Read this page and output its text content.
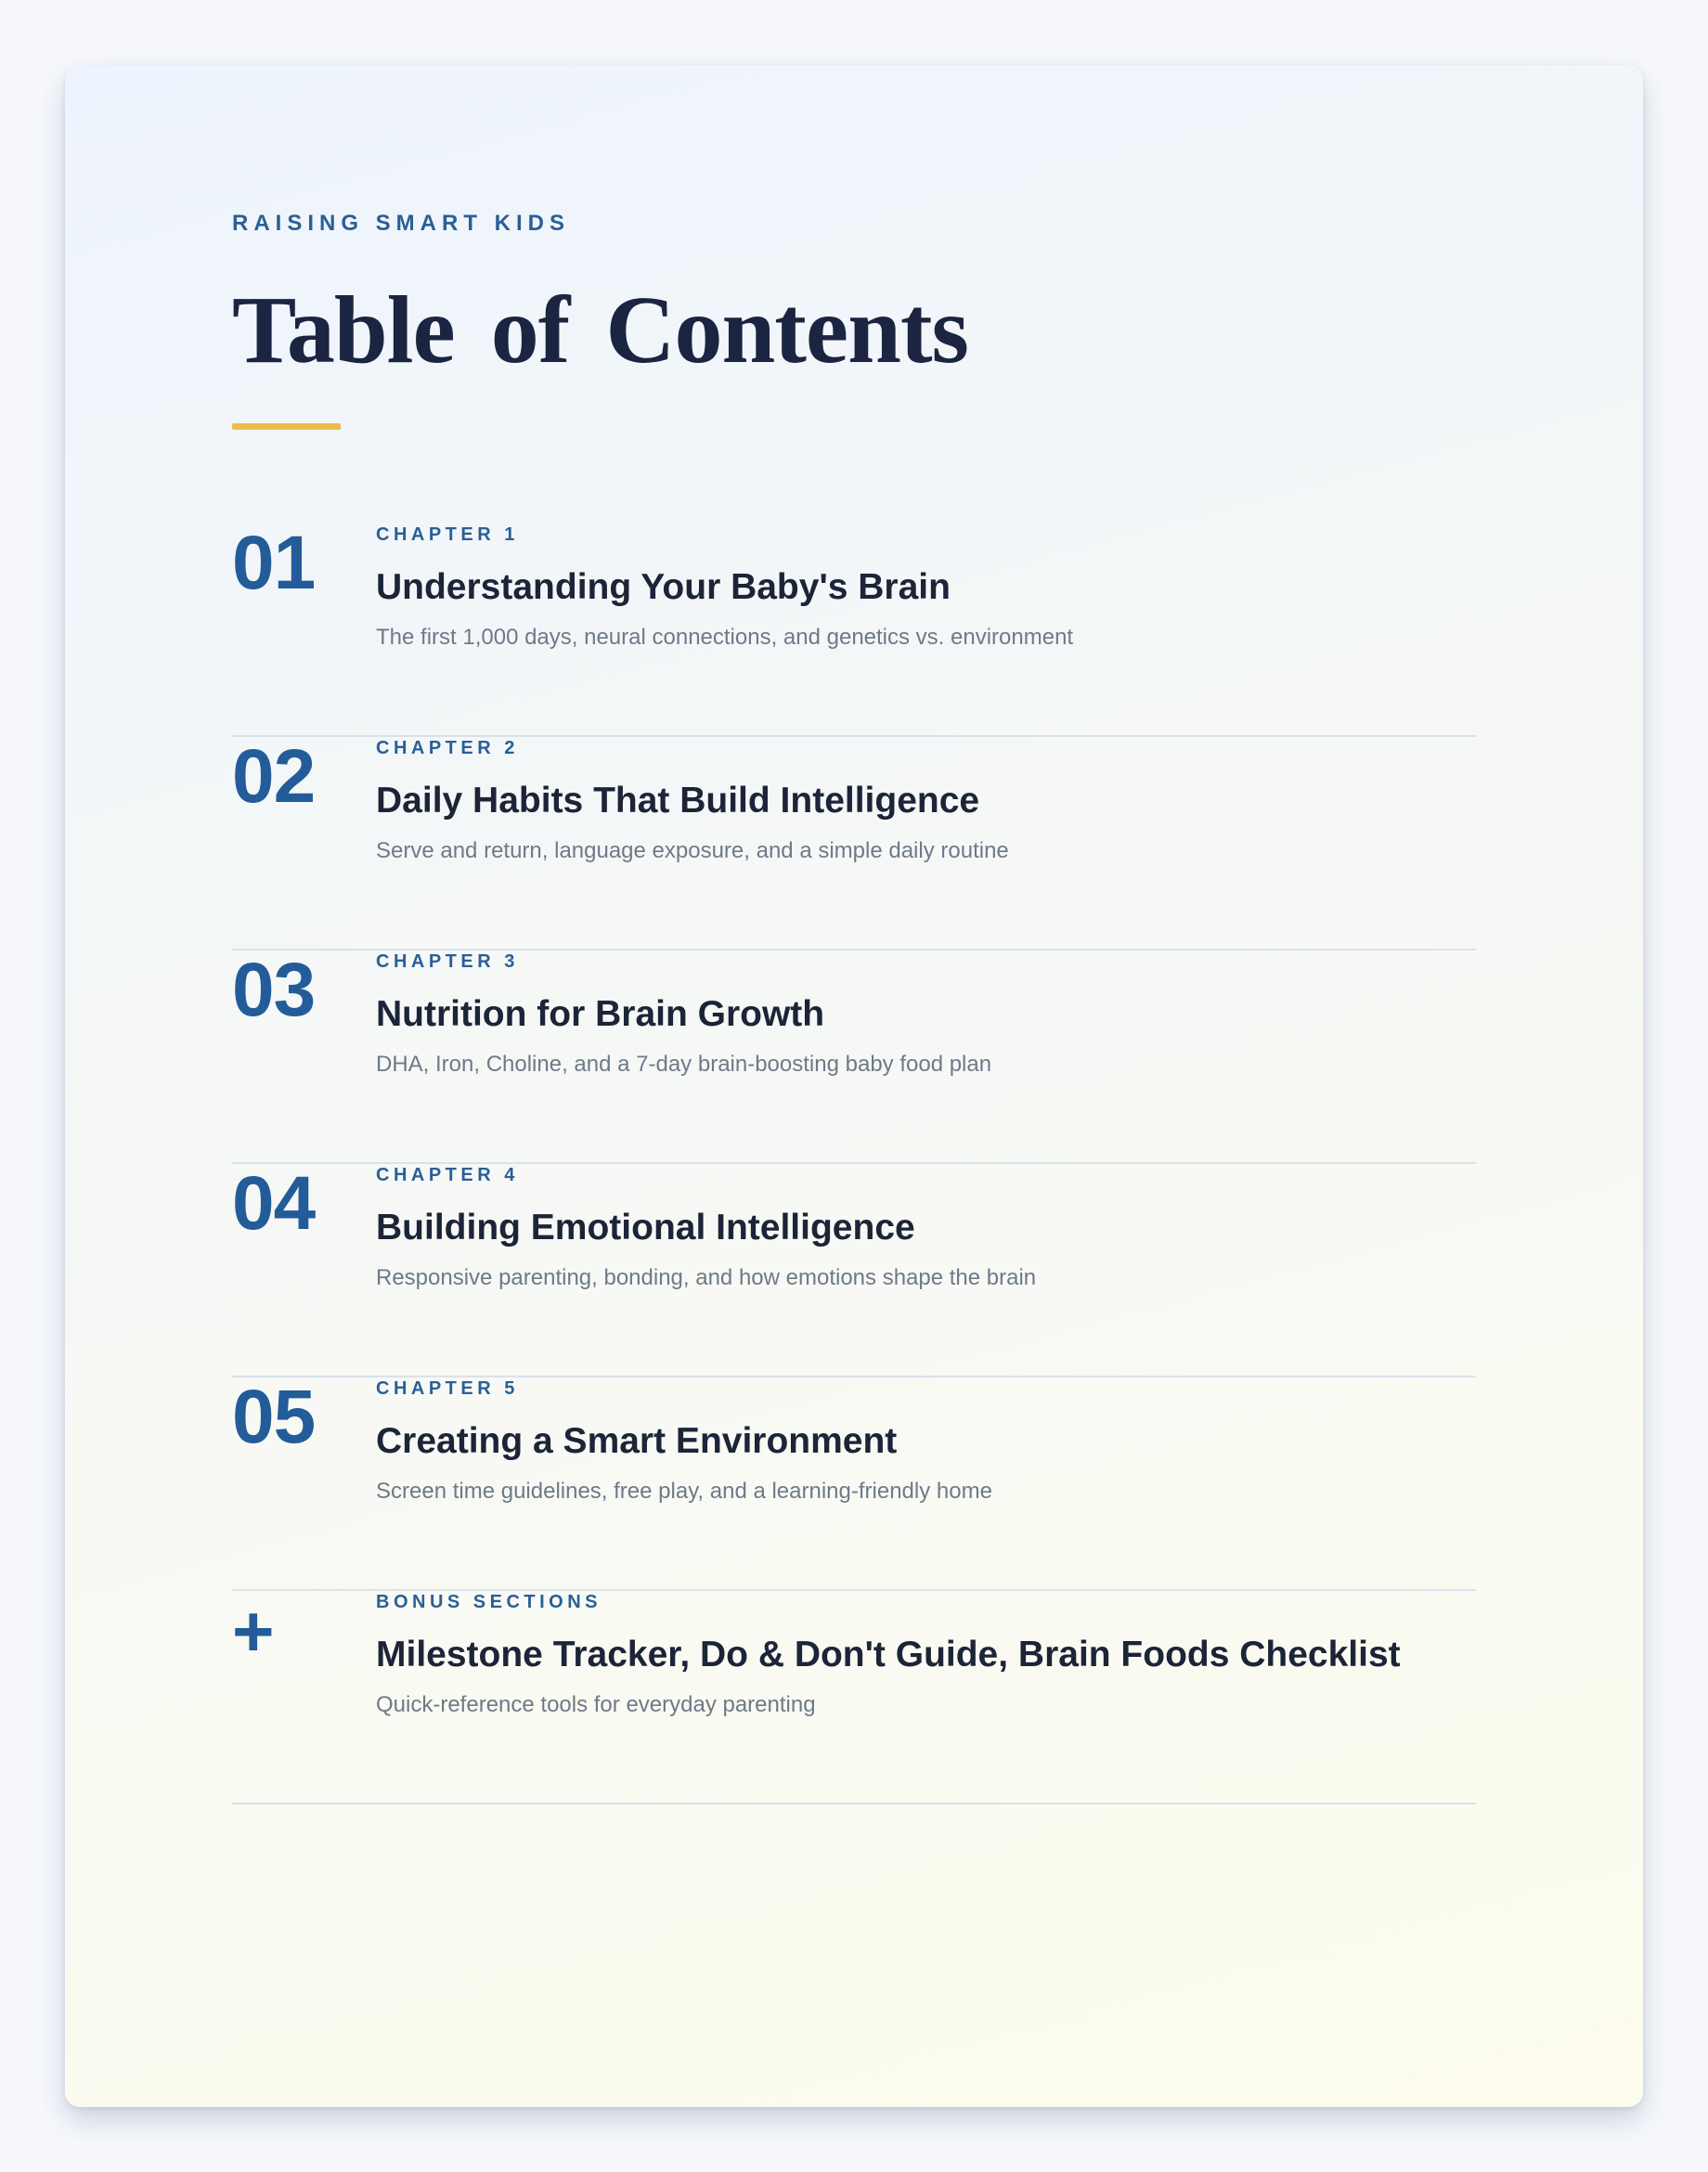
RAISING SMART KIDS
Table of Contents
01	CHAPTER 1
Understanding Your Baby's Brain
The first 1,000 days, neural connections, and genetics vs. environment
02	CHAPTER 2
Daily Habits That Build Intelligence
Serve and return, language exposure, and a simple daily routine
03	CHAPTER 3
Nutrition for Brain Growth
DHA, Iron, Choline, and a 7-day brain-boosting baby food plan
04	CHAPTER 4
Building Emotional Intelligence
Responsive parenting, bonding, and how emotions shape the brain
05	CHAPTER 5
Creating a Smart Environment
Screen time guidelines, free play, and a learning-friendly home
+	BONUS SECTIONS
Milestone Tracker, Do & Don't Guide, Brain Foods Checklist
Quick-reference tools for everyday parenting
